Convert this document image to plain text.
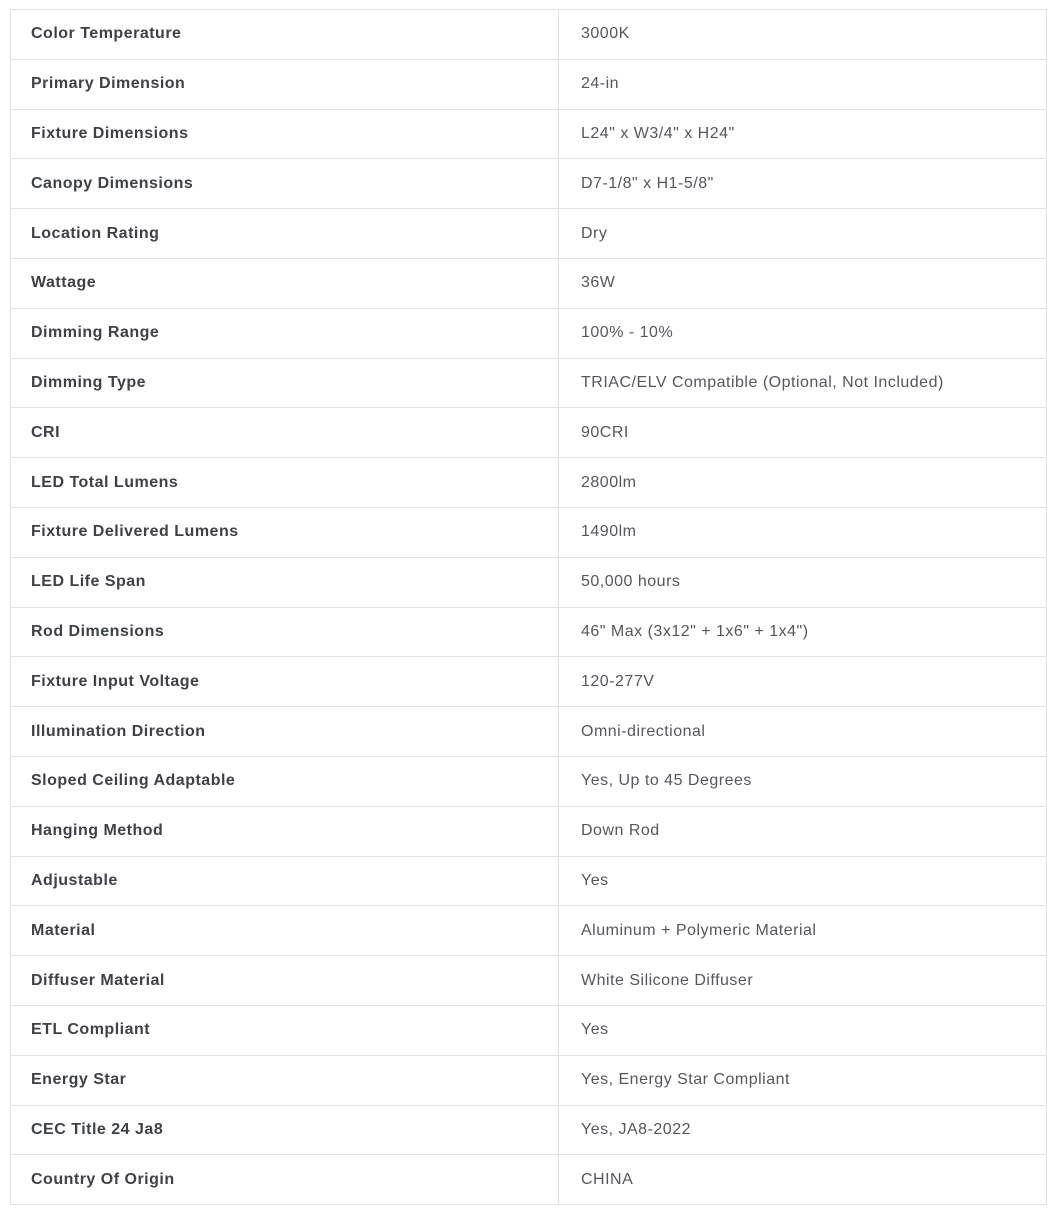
Color Temperature	3000K
Primary Dimension	24-in
Fixture Dimensions	L24" x W3/4" x H24"
Canopy Dimensions	D7-1/8" x H1-5/8"
Location Rating	Dry
Wattage	36W
Dimming Range	100% - 10%
Dimming Type	TRIAC/ELV Compatible (Optional, Not Included)
CRI	90CRI
LED Total Lumens	2800lm
Fixture Delivered Lumens	1490lm
LED Life Span	50,000 hours
Rod Dimensions	46" Max (3x12" + 1x6" + 1x4")
Fixture Input Voltage	120-277V
Illumination Direction	Omni-directional
Sloped Ceiling Adaptable	Yes, Up to 45 Degrees
Hanging Method	Down Rod
Adjustable	Yes
Material	Aluminum + Polymeric Material
Diffuser Material	White Silicone Diffuser
ETL Compliant	Yes
Energy Star	Yes, Energy Star Compliant
CEC Title 24 Ja8	Yes, JA8-2022
Country Of Origin	CHINA
